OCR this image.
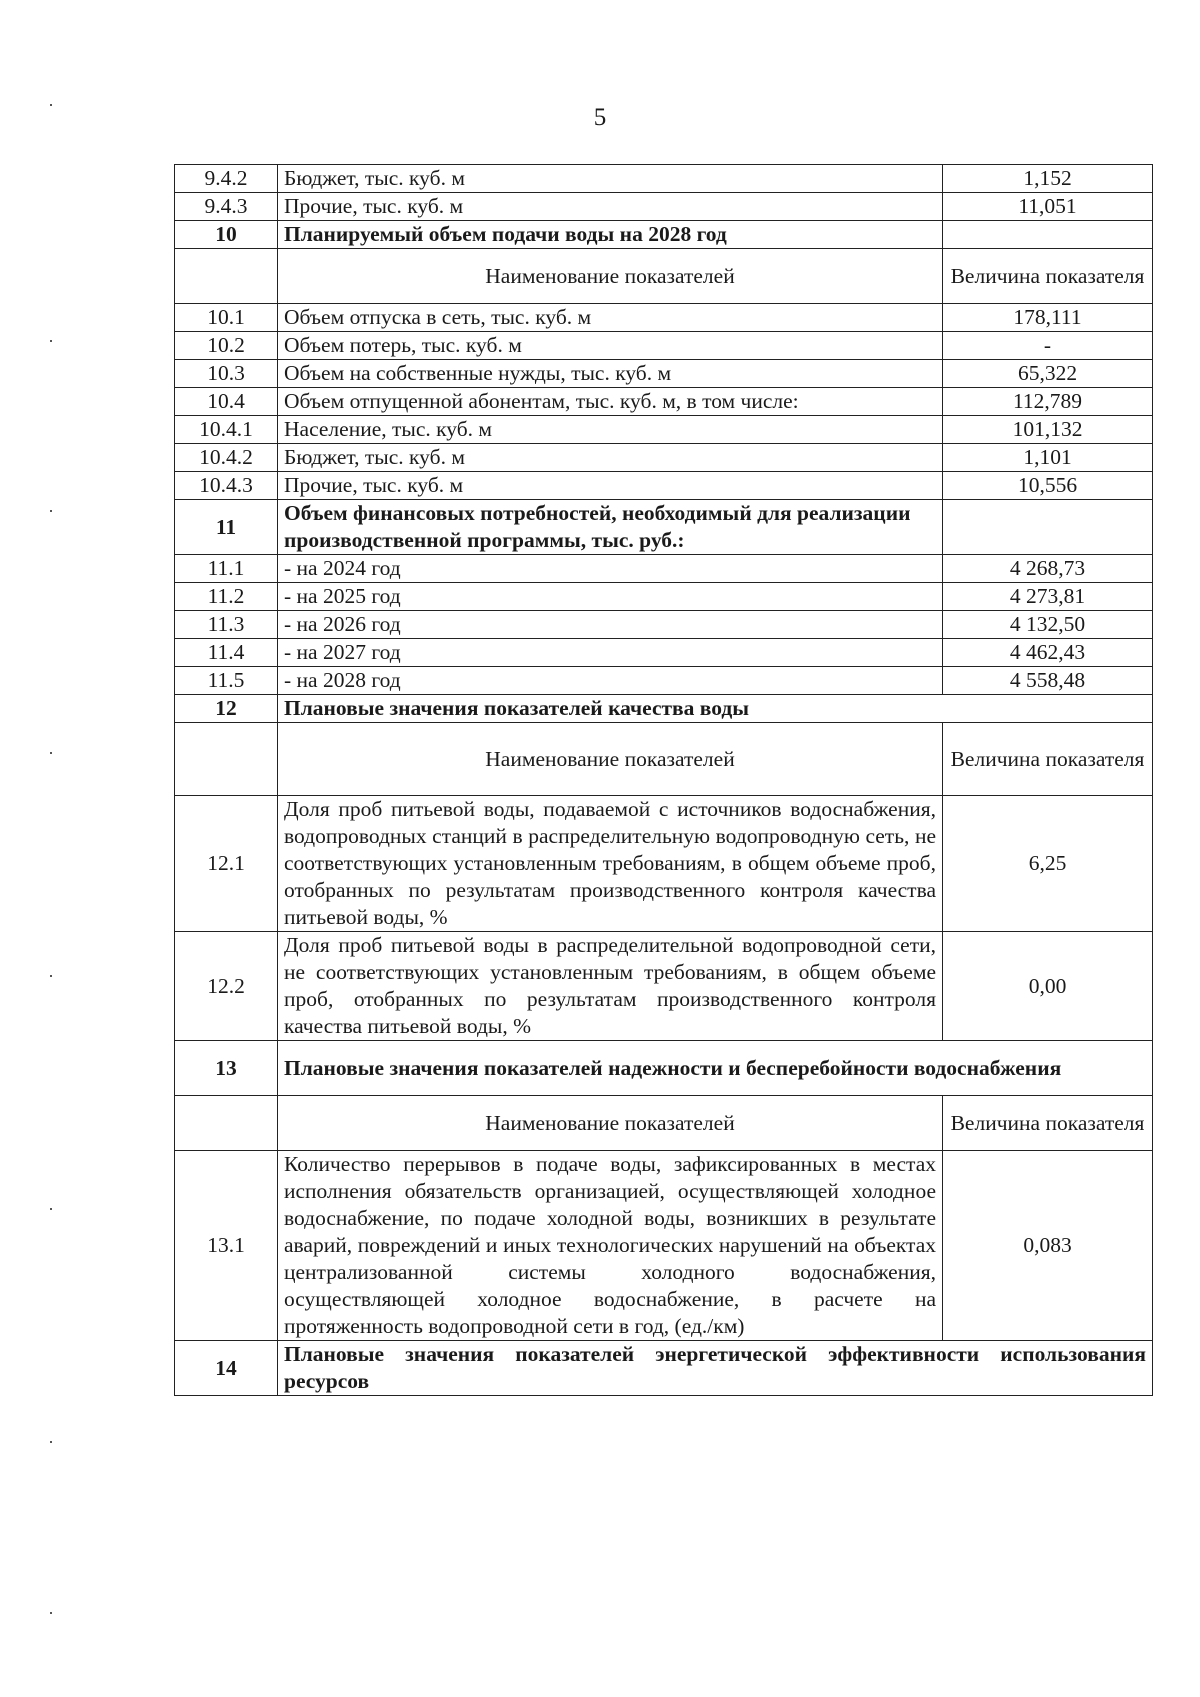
5
9.4.2	Бюджет, тыс. куб. м	1,152
9.4.3	Прочие, тыс. куб. м	11,051
10	Планируемый объем подачи воды на 2028 год	
	Наименование показателей	Величина показателя
10.1	Объем отпуска в сеть, тыс. куб. м	178,111
10.2	Объем потерь, тыс. куб. м	-
10.3	Объем на собственные нужды, тыс. куб. м	65,322
10.4	Объем отпущенной абонентам, тыс. куб. м, в том числе:	112,789
10.4.1	Население, тыс. куб. м	101,132
10.4.2	Бюджет, тыс. куб. м	1,101
10.4.3	Прочие, тыс. куб. м	10,556
11	Объем финансовых потребностей, необходимый для реализации производственной программы, тыс. руб.:	
11.1	- на 2024 год	4 268,73
11.2	- на 2025 год	4 273,81
11.3	- на 2026 год	4 132,50
11.4	- на 2027 год	4 462,43
11.5	- на 2028 год	4 558,48
12	Плановые значения показателей качества воды	
	Наименование показателей	Величина показателя
12.1	Доля проб питьевой воды, подаваемой с источников водоснабжения, водопроводных станций в распределительную водопроводную сеть, не соответствующих установленным требованиям, в общем объеме проб, отобранных по результатам производственного контроля качества питьевой воды, %	6,25
12.2	Доля проб питьевой воды в распределительной водопроводной сети, не соответствующих установленным требованиям, в общем объеме проб, отобранных по результатам производственного контроля качества питьевой воды, %	0,00
13	Плановые значения показателей надежности и бесперебойности водоснабжения	
	Наименование показателей	Величина показателя
13.1	Количество перерывов в подаче воды, зафиксированных в местах исполнения обязательств организацией, осуществляющей холодное водоснабжение, по подаче холодной воды, возникших в результате аварий, повреждений и иных технологических нарушений на объектах централизованной системы холодного водоснабжения, осуществляющей холодное водоснабжение, в расчете на протяженность водопроводной сети в год, (ед./км)	0,083
14	Плановые значения показателей энергетической эффективности использования ресурсов	
